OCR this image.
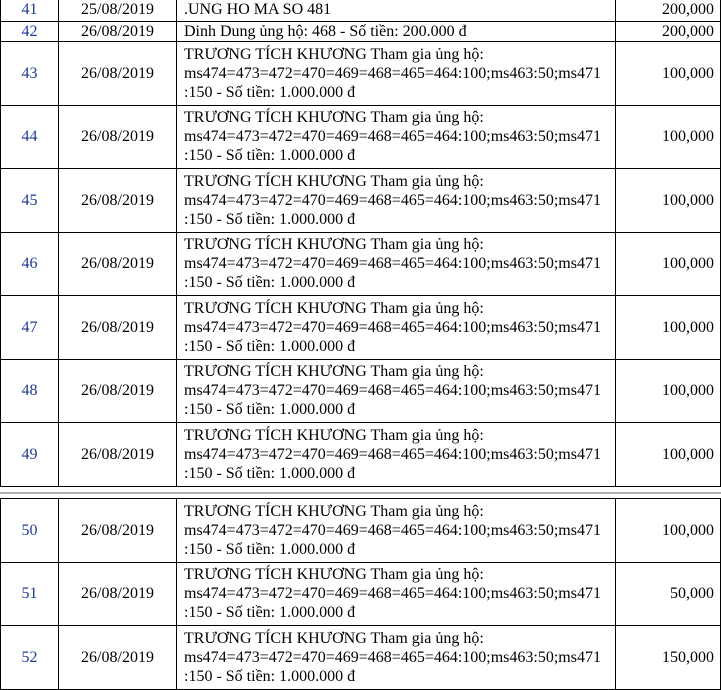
41	25/08/2019	.UNG HO MA SO 481	200,000
42	26/08/2019	Dinh Dung ủng hộ: 468 - Số tiền: 200.000 đ	200,000
43	26/08/2019	TRƯƠNG TÍCH KHƯƠNG Tham gia ủng hộ:
ms474=473=472=470=469=468=465=464:100;ms463:50;ms471
:150 - Số tiền: 1.000.000 đ	100,000
44	26/08/2019	TRƯƠNG TÍCH KHƯƠNG Tham gia ủng hộ:
ms474=473=472=470=469=468=465=464:100;ms463:50;ms471
:150 - Số tiền: 1.000.000 đ	100,000
45	26/08/2019	TRƯƠNG TÍCH KHƯƠNG Tham gia ủng hộ:
ms474=473=472=470=469=468=465=464:100;ms463:50;ms471
:150 - Số tiền: 1.000.000 đ	100,000
46	26/08/2019	TRƯƠNG TÍCH KHƯƠNG Tham gia ủng hộ:
ms474=473=472=470=469=468=465=464:100;ms463:50;ms471
:150 - Số tiền: 1.000.000 đ	100,000
47	26/08/2019	TRƯƠNG TÍCH KHƯƠNG Tham gia ủng hộ:
ms474=473=472=470=469=468=465=464:100;ms463:50;ms471
:150 - Số tiền: 1.000.000 đ	100,000
48	26/08/2019	TRƯƠNG TÍCH KHƯƠNG Tham gia ủng hộ:
ms474=473=472=470=469=468=465=464:100;ms463:50;ms471
:150 - Số tiền: 1.000.000 đ	100,000
49	26/08/2019	TRƯƠNG TÍCH KHƯƠNG Tham gia ủng hộ:
ms474=473=472=470=469=468=465=464:100;ms463:50;ms471
:150 - Số tiền: 1.000.000 đ	100,000
50	26/08/2019	TRƯƠNG TÍCH KHƯƠNG Tham gia ủng hộ:
ms474=473=472=470=469=468=465=464:100;ms463:50;ms471
:150 - Số tiền: 1.000.000 đ	100,000
51	26/08/2019	TRƯƠNG TÍCH KHƯƠNG Tham gia ủng hộ:
ms474=473=472=470=469=468=465=464:100;ms463:50;ms471
:150 - Số tiền: 1.000.000 đ	50,000
52	26/08/2019	TRƯƠNG TÍCH KHƯƠNG Tham gia ủng hộ:
ms474=473=472=470=469=468=465=464:100;ms463:50;ms471
:150 - Số tiền: 1.000.000 đ	150,000
